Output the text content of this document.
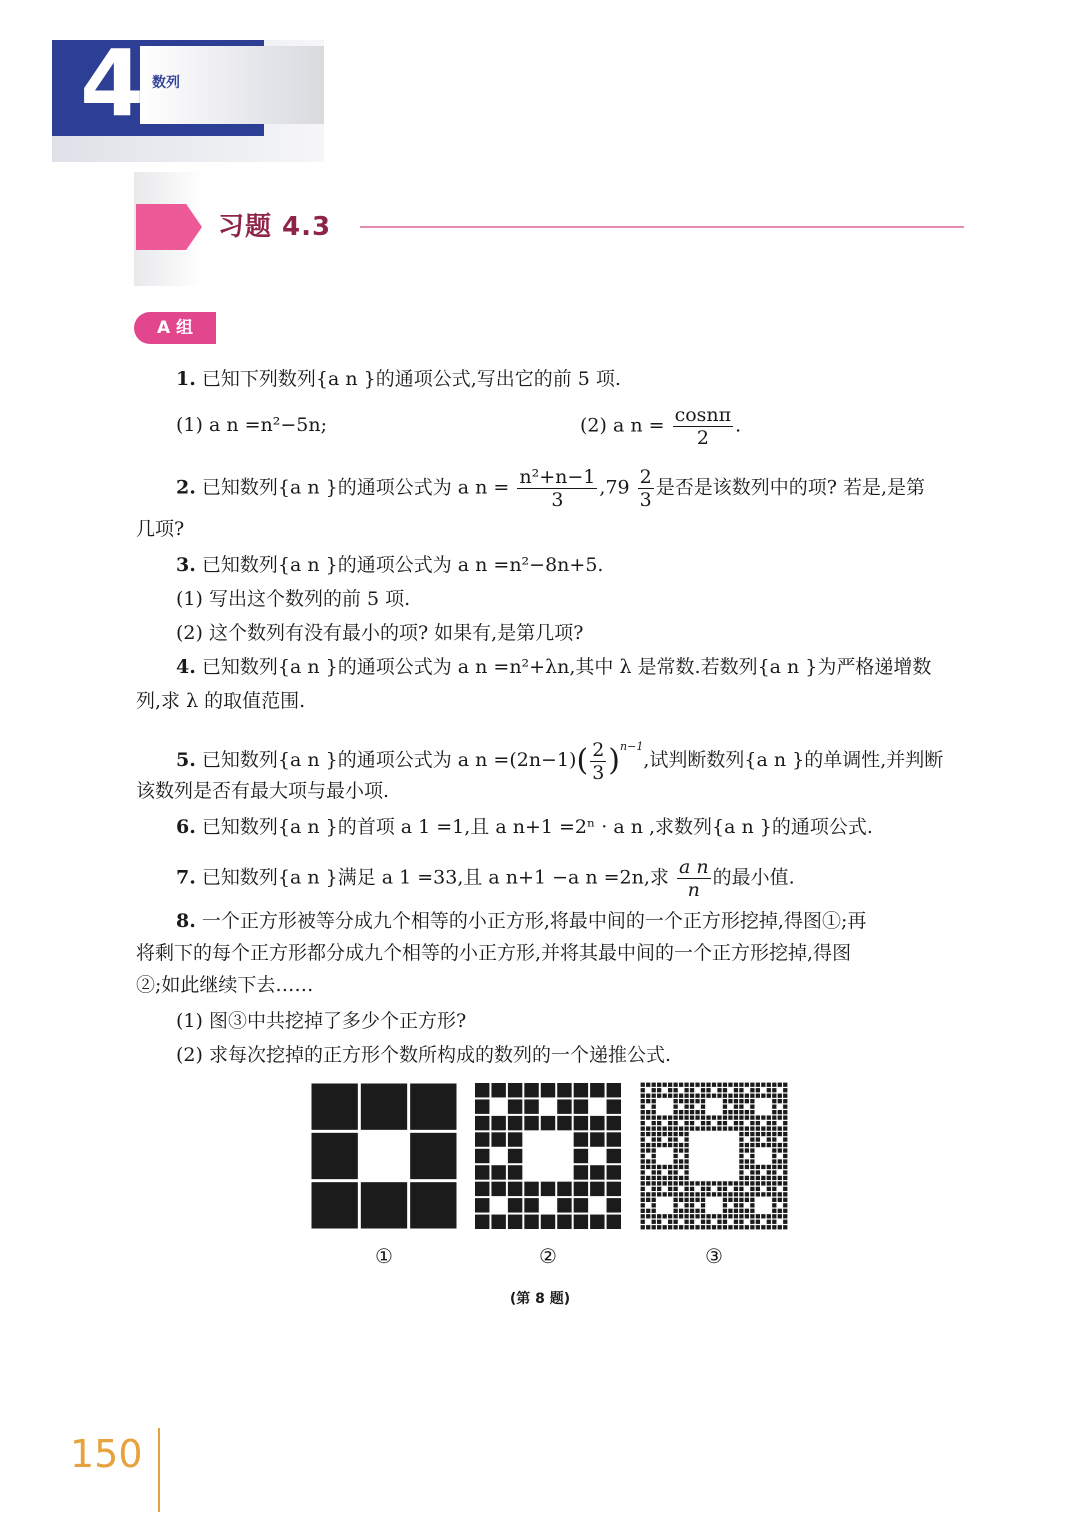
4 数列
习题 4.3
A 组
1. 已知下列数列{a n }的通项公式,写出它的前 5 项.
(1) a n =n²−5n;	(2) a $n = \frac{\cos n\pi}{2}$ .
2. 已知数列{a n }的通项公式为 a $n = \frac{\text{n²+n−1}}{3} ,79 \frac{2}{3}$ 是否是该数列中的项? 若是,是第
几项?
3. 已知数列{a n }的通项公式为 a n =n²−8n+5.
(1) 写出这个数列的前 5 项.
(2) 这个数列有没有最小的项? 如果有,是第几项?
4. 已知数列{a n }的通项公式为 a n =n²+λn,其中 λ 是常数.若数列{a n }为严格递增数
列,求 λ 的取值范围.
5. 已知数列{a n }的通项公式为 a $n =(2n-1)( \frac{2}{3} )^{n-1}$,试判断数列{a n }的单调性,并判断
该数列是否有最大项与最小项.
6. 已知数列{a n }的首项 a 1 =1,且 a n+1 =2ⁿ · a n ,求数列{a n }的通项公式.
7. 已知数列{a n }满足 a 1 =33,且 a n+1 −a n =2n,求 $\frac{\text{a n}}{n}$ 的最小值.
8. 一个正方形被等分成九个相等的小正方形,将最中间的一个正方形挖掉,得图①;再
将剩下的每个正方形都分成九个相等的小正方形,并将其最中间的一个正方形挖掉,得图
②;如此继续下去……
(1) 图③中共挖掉了多少个正方形?
(2) 求每次挖掉的正方形个数所构成的数列的一个递推公式.
①	②	③
(第 8 题)
150
